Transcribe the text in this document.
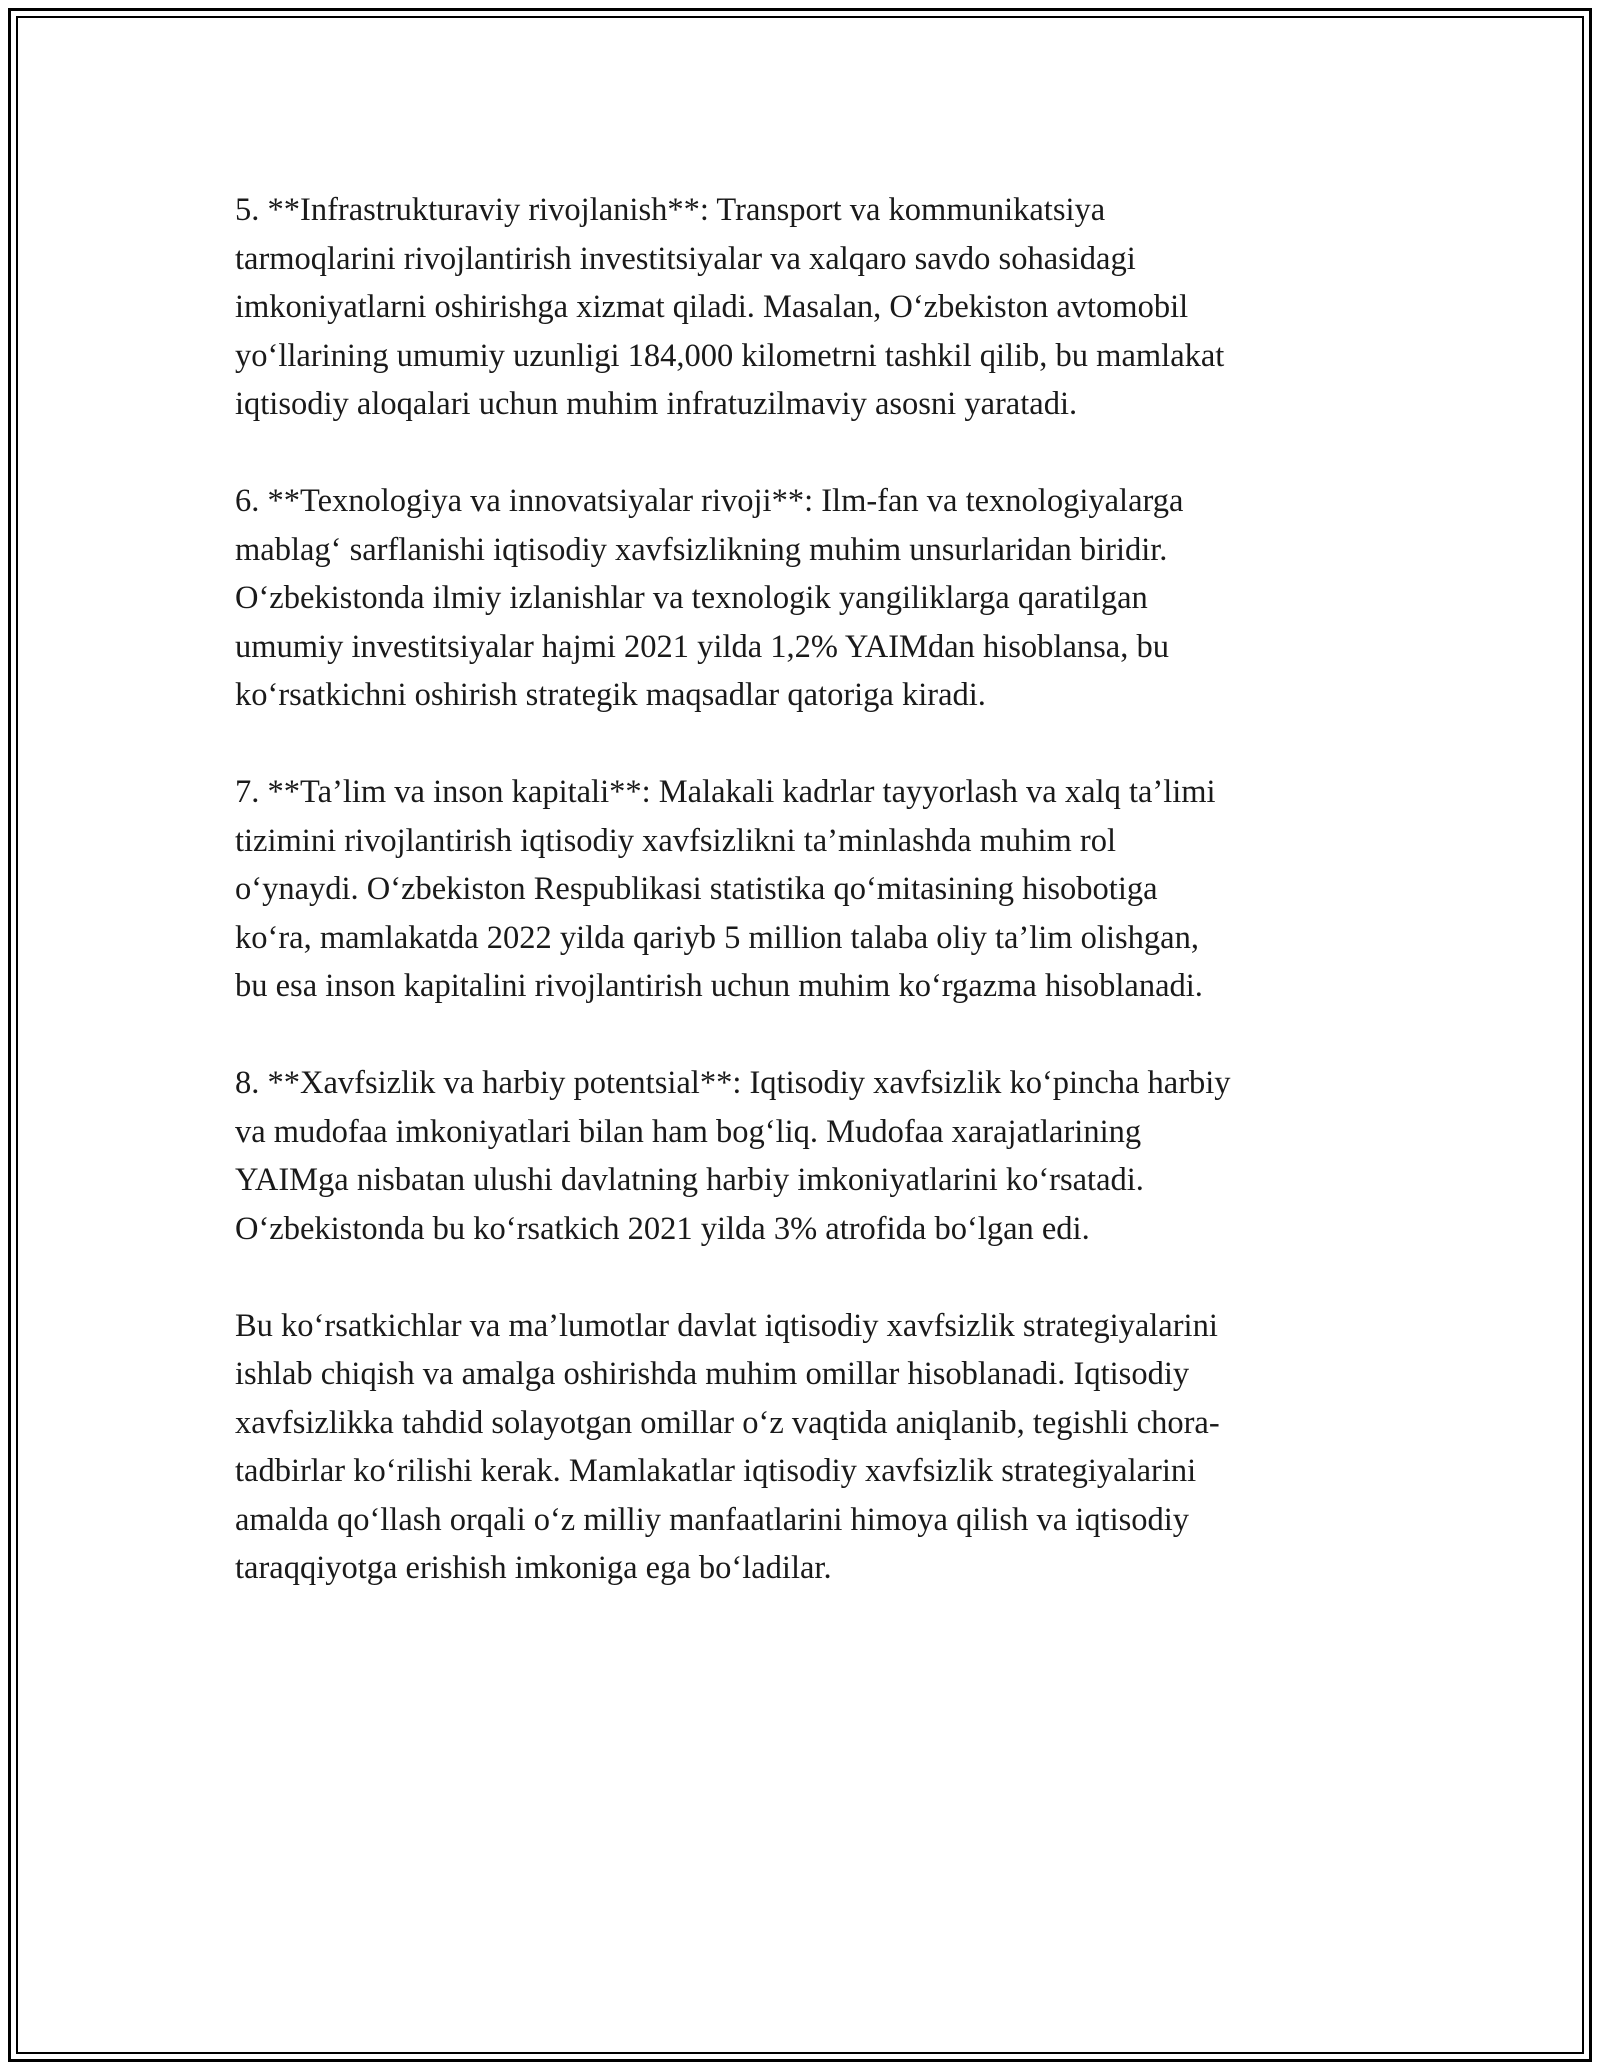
5. **Infrastrukturaviy rivojlanish**: Transport va kommunikatsiya
tarmoqlarini rivojlantirish investitsiyalar va xalqaro savdo sohasidagi
imkoniyatlarni oshirishga xizmat qiladi. Masalan, O‘zbekiston avtomobil
yo‘llarining umumiy uzunligi 184,000 kilometrni tashkil qilib, bu mamlakat
iqtisodiy aloqalari uchun muhim infratuzilmaviy asosni yaratadi.

6. **Texnologiya va innovatsiyalar rivoji**: Ilm-fan va texnologiyalarga
mablag‘ sarflanishi iqtisodiy xavfsizlikning muhim unsurlaridan biridir.
O‘zbekistonda ilmiy izlanishlar va texnologik yangiliklarga qaratilgan
umumiy investitsiyalar hajmi 2021 yilda 1,2% YAIMdan hisoblansa, bu
ko‘rsatkichni oshirish strategik maqsadlar qatoriga kiradi.

7. **Ta’lim va inson kapitali**: Malakali kadrlar tayyorlash va xalq ta’limi
tizimini rivojlantirish iqtisodiy xavfsizlikni ta’minlashda muhim rol
o‘ynaydi. O‘zbekiston Respublikasi statistika qo‘mitasining hisobotiga
ko‘ra, mamlakatda 2022 yilda qariyb 5 million talaba oliy ta’lim olishgan,
bu esa inson kapitalini rivojlantirish uchun muhim ko‘rgazma hisoblanadi.

8. **Xavfsizlik va harbiy potentsial**: Iqtisodiy xavfsizlik ko‘pincha harbiy
va mudofaa imkoniyatlari bilan ham bog‘liq. Mudofaa xarajatlarining
YAIMga nisbatan ulushi davlatning harbiy imkoniyatlarini ko‘rsatadi.
O‘zbekistonda bu ko‘rsatkich 2021 yilda 3% atrofida bo‘lgan edi.

Bu ko‘rsatkichlar va ma’lumotlar davlat iqtisodiy xavfsizlik strategiyalarini
ishlab chiqish va amalga oshirishda muhim omillar hisoblanadi. Iqtisodiy
xavfsizlikka tahdid solayotgan omillar o‘z vaqtida aniqlanib, tegishli chora-
tadbirlar ko‘rilishi kerak. Mamlakatlar iqtisodiy xavfsizlik strategiyalarini
amalda qo‘llash orqali o‘z milliy manfaatlarini himoya qilish va iqtisodiy
taraqqiyotga erishish imkoniga ega bo‘ladilar.
